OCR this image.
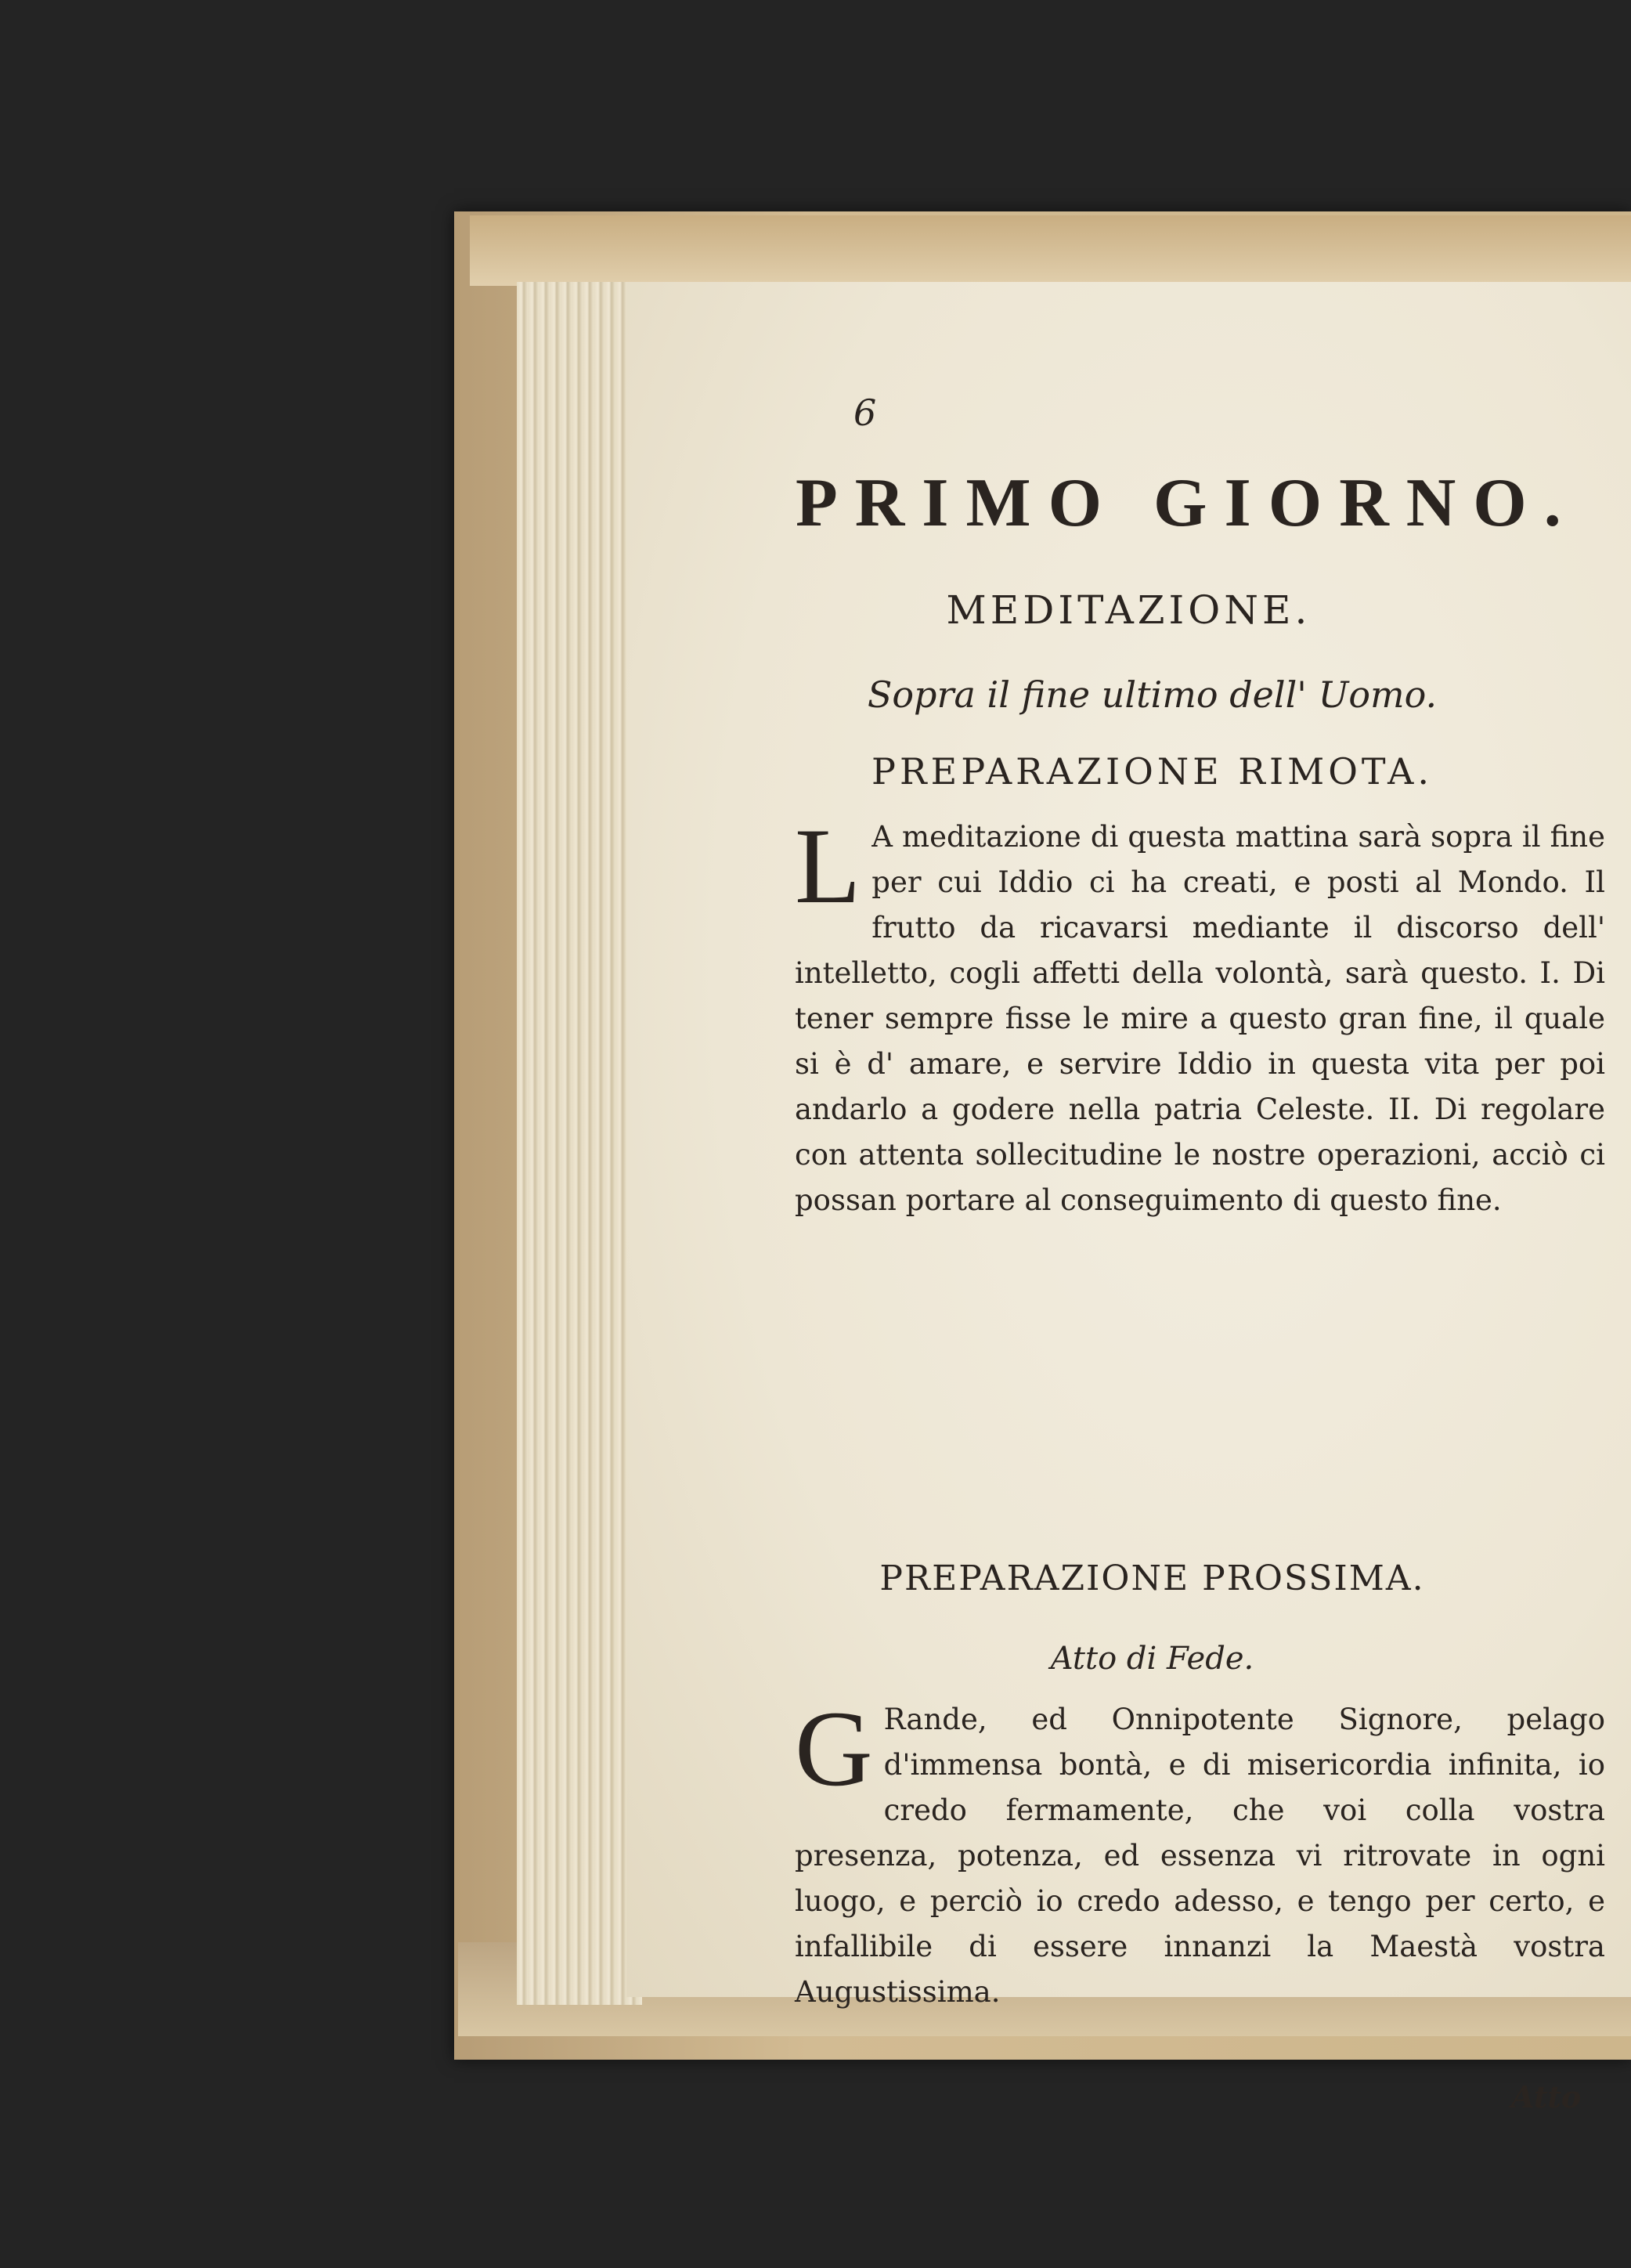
6
PRIMO GIORNO.
MEDITAZIONE.
Sopra il fine ultimo dell' Uomo.
PREPARAZIONE RIMOTA.
L A meditazione di questa mattina sarà sopra il fine per cui Iddio ci ha creati, e posti al Mondo. Il frutto da ricavarsi mediante il discorso dell' intelletto, cogli affetti della volontà, sarà questo. I. Di tener sempre fisse le mire a questo gran fine, il quale si è d' amare, e servire Iddio in questa vita per poi andarlo a godere nella patria Celeste. II. Di regolare con attenta sollecitudine le nostre operazioni, acciò ci possan portare al conseguimento di questo fine.
PREPARAZIONE PROSSIMA.
Atto di Fede.
G Rande, ed Onnipotente Signore, pelago d'immensa bontà, e di misericordia infinita, io credo fermamente, che voi colla vostra presenza, potenza, ed essenza vi ritrovate in ogni luogo, e perciò io credo adesso, e tengo per certo, e infallibile di essere innanzi la Maestà vostra Augustissima.
Atto
